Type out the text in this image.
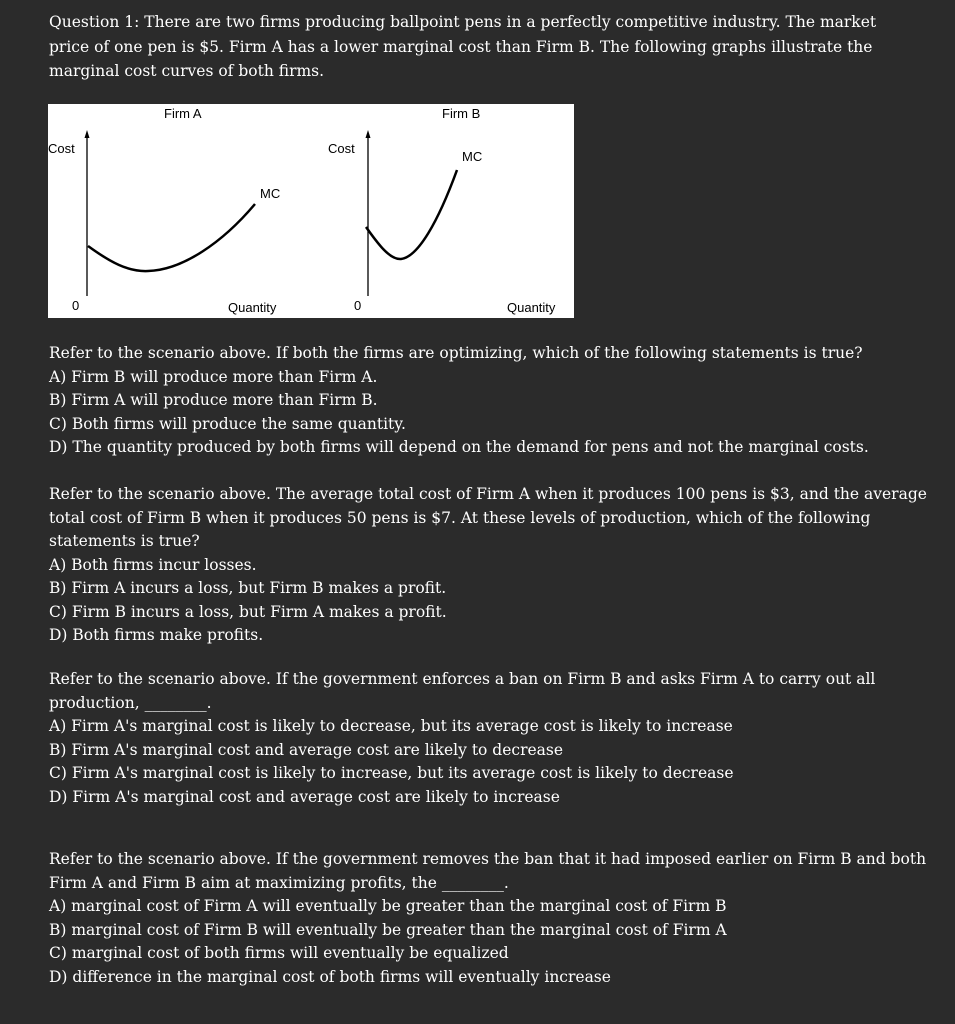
Question 1: There are two firms producing ballpoint pens in a perfectly competitive industry. The market price of one pen is $5. Firm A has a lower marginal cost than Firm B. The following graphs illustrate the marginal cost curves of both firms.

Firm A
Cost
0	Quantity
MC
Firm B
Cost
0	Quantity
MC

Refer to the scenario above. If both the firms are optimizing, which of the following statements is true?

A) Firm B will produce more than Firm A.
B) Firm A will produce more than Firm B.
C) Both firms will produce the same quantity.
D) The quantity produced by both firms will depend on the demand for pens and not the marginal costs.

Refer to the scenario above. The average total cost of Firm A when it produces 100 pens is $3, and the average total cost of Firm B when it produces 50 pens is $7. At these levels of production, which of the following statements is true?

A) Both firms incur losses.
B) Firm A incurs a loss, but Firm B makes a profit.
C) Firm B incurs a loss, but Firm A makes a profit.
D) Both firms make profits.

Refer to the scenario above. If the government enforces a ban on Firm B and asks Firm A to carry out all production, ________.

A) Firm A's marginal cost is likely to decrease, but its average cost is likely to increase
B) Firm A's marginal cost and average cost are likely to decrease
C) Firm A's marginal cost is likely to increase, but its average cost is likely to decrease
D) Firm A's marginal cost and average cost are likely to increase

Refer to the scenario above. If the government removes the ban that it had imposed earlier on Firm B and both Firm A and Firm B aim at maximizing profits, the ________.

A) marginal cost of Firm A will eventually be greater than the marginal cost of Firm B
B) marginal cost of Firm B will eventually be greater than the marginal cost of Firm A
C) marginal cost of both firms will eventually be equalized
D) difference in the marginal cost of both firms will eventually increase
